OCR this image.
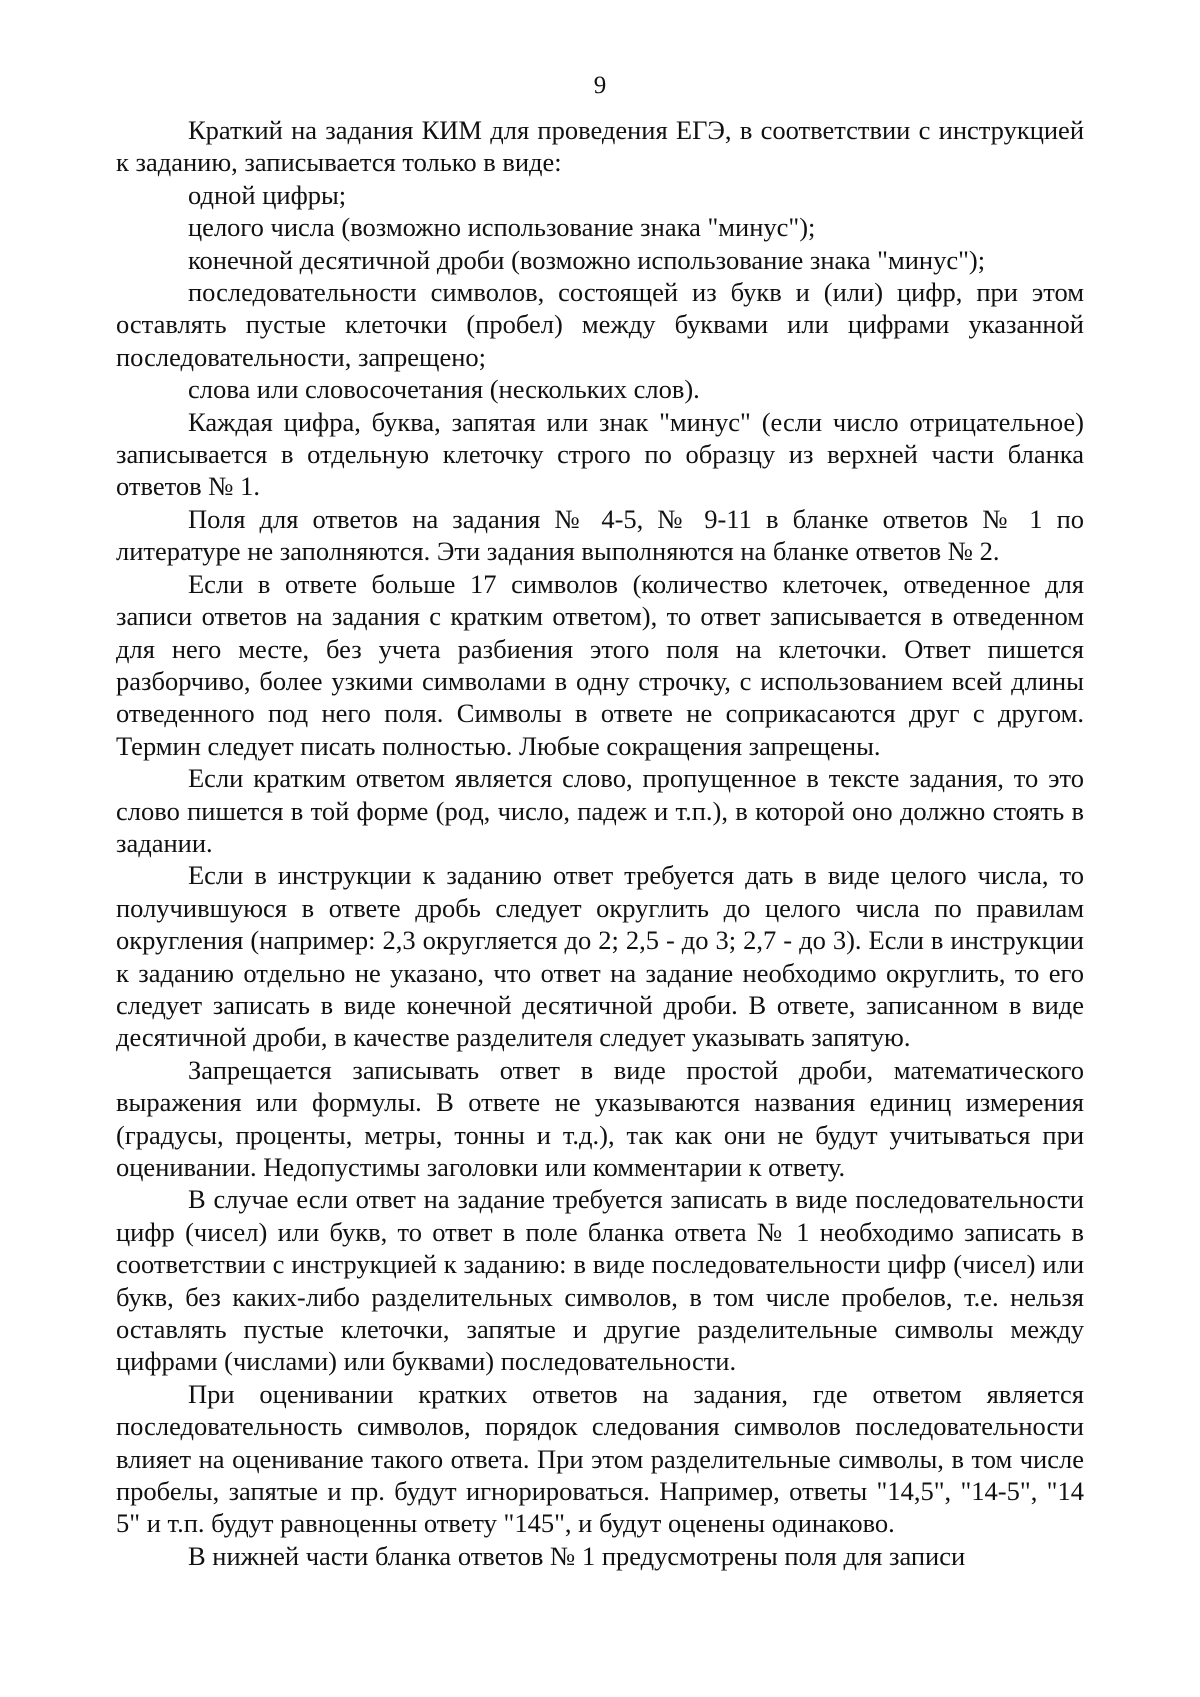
9

Краткий на задания КИМ для проведения ЕГЭ, в соответствии с инструкцией к заданию, записывается только в виде:

одной цифры;

целого числа (возможно использование знака "минус");

конечной десятичной дроби (возможно использование знака "минус");

последовательности символов, состоящей из букв и (или) цифр, при этом оставлять пустые клеточки (пробел) между буквами или цифрами указанной последовательности, запрещено;

слова или словосочетания (нескольких слов).

Каждая цифра, буква, запятая или знак "минус" (если число отрицательное) записывается в отдельную клеточку строго по образцу из верхней части бланка ответов № 1.

Поля для ответов на задания № 4-5, № 9-11 в бланке ответов № 1 по литературе не заполняются. Эти задания выполняются на бланке ответов № 2.

Если в ответе больше 17 символов (количество клеточек, отведенное для записи ответов на задания с кратким ответом), то ответ записывается в отведенном для него месте, без учета разбиения этого поля на клеточки. Ответ пишется разборчиво, более узкими символами в одну строчку, с использованием всей длины отведенного под него поля. Символы в ответе не соприкасаются друг с другом. Термин следует писать полностью. Любые сокращения запрещены.

Если кратким ответом является слово, пропущенное в тексте задания, то это слово пишется в той форме (род, число, падеж и т.п.), в которой оно должно стоять в задании.

Если в инструкции к заданию ответ требуется дать в виде целого числа, то получившуюся в ответе дробь следует округлить до целого числа по правилам округления (например: 2,3 округляется до 2; 2,5 - до 3; 2,7 - до 3). Если в инструкции к заданию отдельно не указано, что ответ на задание необходимо округлить, то его следует записать в виде конечной десятичной дроби. В ответе, записанном в виде десятичной дроби, в качестве разделителя следует указывать запятую.

Запрещается записывать ответ в виде простой дроби, математического выражения или формулы. В ответе не указываются названия единиц измерения (градусы, проценты, метры, тонны и т.д.), так как они не будут учитываться при оценивании. Недопустимы заголовки или комментарии к ответу.

В случае если ответ на задание требуется записать в виде последовательности цифр (чисел) или букв, то ответ в поле бланка ответа № 1 необходимо записать в соответствии с инструкцией к заданию: в виде последовательности цифр (чисел) или букв, без каких-либо разделительных символов, в том числе пробелов, т.е. нельзя оставлять пустые клеточки, запятые и другие разделительные символы между цифрами (числами) или буквами) последовательности.

При оценивании кратких ответов на задания, где ответом является последовательность символов, порядок следования символов последовательности влияет на оценивание такого ответа. При этом разделительные символы, в том числе пробелы, запятые и пр. будут игнорироваться. Например, ответы "14,5", "14-5", "14 5" и т.п. будут равноценны ответу "145", и будут оценены одинаково.

В нижней части бланка ответов № 1 предусмотрены поля для записи
